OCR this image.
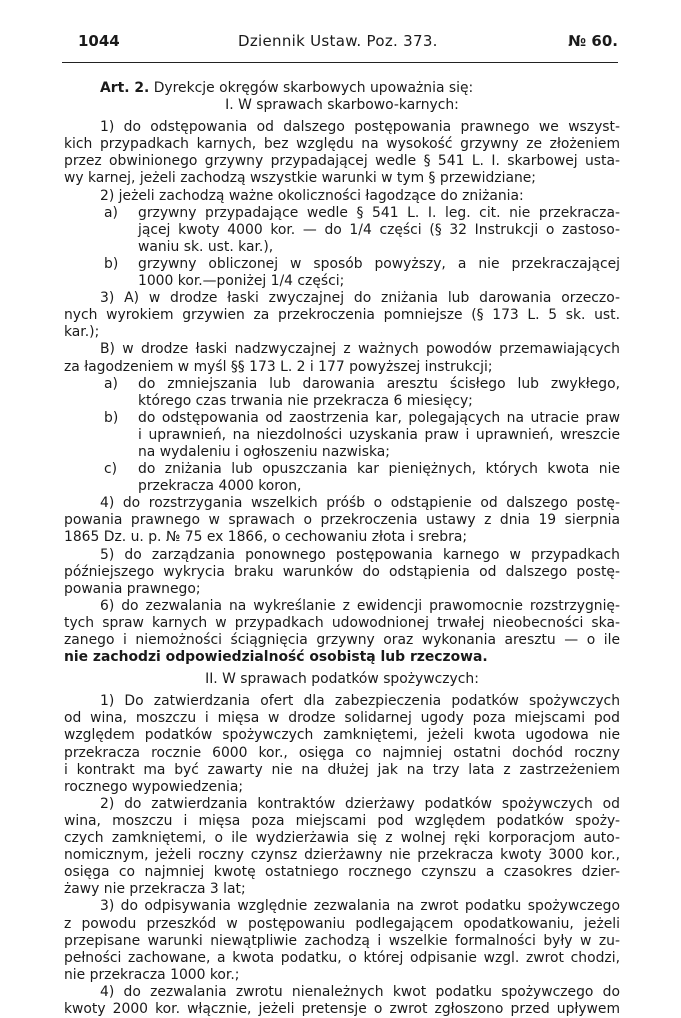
1044	Dziennik Ustaw. Poz. 373.	№ 60.
Art. 2. Dyrekcje okręgów skarbowych upoważnia się:
I. W sprawach skarbowo-karnych:
1) do odstępowania od dalszego postępowania prawnego we wszyst-
kich przypadkach karnych, bez względu na wysokość grzywny ze złożeniem
przez obwinionego grzywny przypadającej wedle § 541 L. I. skarbowej usta-
wy karnej, jeżeli zachodzą wszystkie warunki w tym § przewidziane;
2) jeżeli zachodzą ważne okoliczności łagodzące do zniżania:
a) grzywny przypadające wedle § 541 L. I. leg. cit. nie przekracza-
jącej kwoty 4000 kor. — do 1/4 części (§ 32 Instrukcji o zastoso-
waniu sk. ust. kar.),
b) grzywny obliczonej w sposób powyższy, a nie przekraczającej
1000 kor.—poniżej 1/4 części;
3) A) w drodze łaski zwyczajnej do zniżania lub darowania orzeczo-
nych wyrokiem grzywien za przekroczenia pomniejsze (§ 173 L. 5 sk. ust.
kar.);
B) w drodze łaski nadzwyczajnej z ważnych powodów przemawiających
za łagodzeniem w myśl §§ 173 L. 2 i 177 powyższej instrukcji;
a) do zmniejszania lub darowania aresztu ścisłego lub zwykłego,
którego czas trwania nie przekracza 6 miesięcy;
b) do odstępowania od zaostrzenia kar, polegających na utracie praw
i uprawnień, na niezdolności uzyskania praw i uprawnień, wreszcie
na wydaleniu i ogłoszeniu nazwiska;
c) do zniżania lub opuszczania kar pieniężnych, których kwota nie
przekracza 4000 koron,
4) do rozstrzygania wszelkich próśb o odstąpienie od dalszego postę-
powania prawnego w sprawach o przekroczenia ustawy z dnia 19 sierpnia
1865 Dz. u. p. № 75 ex 1866, o cechowaniu złota i srebra;
5) do zarządzania ponownego postępowania karnego w przypadkach
późniejszego wykrycia braku warunków do odstąpienia od dalszego postę-
powania prawnego;
6) do zezwalania na wykreślanie z ewidencji prawomocnie rozstrzygnię-
tych spraw karnych w przypadkach udowodnionej trwałej nieobecności ska-
zanego i niemożności ściągnięcia grzywny oraz wykonania aresztu — o ile
nie zachodzi odpowiedzialność osobistą lub rzeczowa.
II. W sprawach podatków spożywczych:
1) Do zatwierdzania ofert dla zabezpieczenia podatków spożywczych
od wina, moszczu i mięsa w drodze solidarnej ugody poza miejscami pod
względem podatków spożywczych zamkniętemi, jeżeli kwota ugodowa nie
przekracza rocznie 6000 kor., osięga co najmniej ostatni dochód roczny
i kontrakt ma być zawarty nie na dłużej jak na trzy lata z zastrzeżeniem
rocznego wypowiedzenia;
2) do zatwierdzania kontraktów dzierżawy podatków spożywczych od
wina, moszczu i mięsa poza miejscami pod względem podatków spoży-
czych zamkniętemi, o ile wydzierżawia się z wolnej ręki korporacjom auto-
nomicznym, jeżeli roczny czynsz dzierżawny nie przekracza kwoty 3000 kor.,
osięga co najmniej kwotę ostatniego rocznego czynszu a czasokres dzier-
żawy nie przekracza 3 lat;
3) do odpisywania względnie zezwalania na zwrot podatku spożywczego
z powodu przeszkód w postępowaniu podlegającem opodatkowaniu, jeżeli
przepisane warunki niewątpliwie zachodzą i wszelkie formalności były w zu-
pełności zachowane, a kwota podatku, o której odpisanie wzgl. zwrot chodzi,
nie przekracza 1000 kor.;
4) do zezwalania zwrotu nienależnych kwot podatku spożywczego do
kwoty 2000 kor. włącznie, jeżeli pretensje o zwrot zgłoszono przed upływem
